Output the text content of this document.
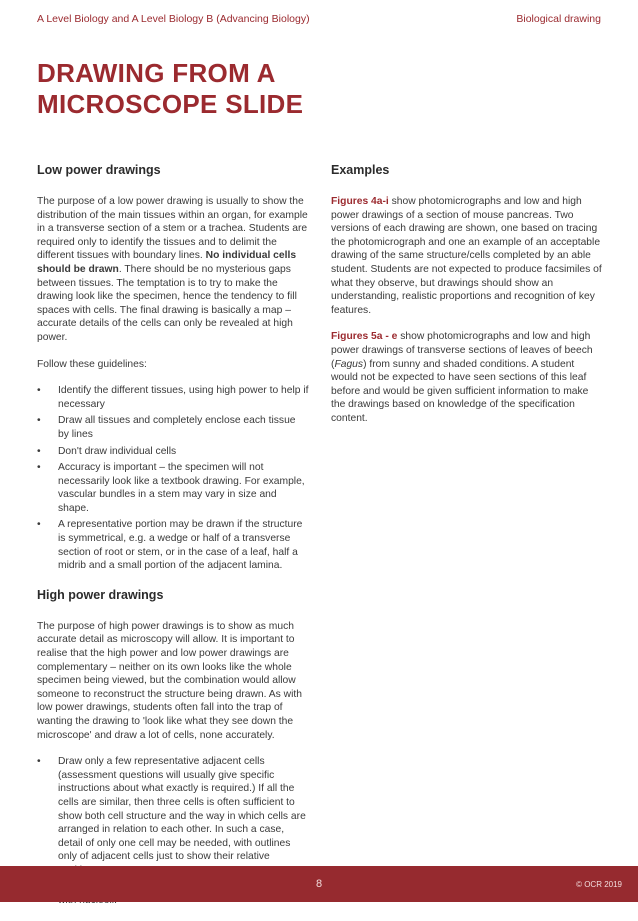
A Level Biology and A Level Biology B (Advancing Biology)	Biological drawing
DRAWING FROM A
MICROSCOPE SLIDE
Low power drawings

The purpose of a low power drawing is usually to show the distribution of the main tissues within an organ, for example in a transverse section of a stem or a trachea. Students are required only to identify the tissues and to delimit the different tissues with boundary lines. No individual cells should be drawn. There should be no mysterious gaps between tissues. The temptation is to try to make the drawing look like the specimen, hence the tendency to fill spaces with cells. The final drawing is basically a map – accurate details of the cells can only be revealed at high power.

Follow these guidelines:

• Identify the different tissues, using high power to help if necessary
• Draw all tissues and completely enclose each tissue by lines
• Don't draw individual cells
• Accuracy is important – the specimen will not necessarily look like a textbook drawing. For example, vascular bundles in a stem may vary in size and shape.
• A representative portion may be drawn if the structure is symmetrical, e.g. a wedge or half of a transverse section of root or stem, or in the case of a leaf, half a midrib and a small portion of the adjacent lamina.
High power drawings

The purpose of high power drawings is to show as much accurate detail as microscopy will allow. It is important to realise that the high power and low power drawings are complementary – neither on its own looks like the whole specimen being viewed, but the combination would allow someone to reconstruct the structure being drawn. As with low power drawings, students often fall into the trap of wanting the drawing to 'look like what they see down the microscope' and draw a lot of cells, none accurately.

• Draw only a few representative adjacent cells (assessment questions will usually give specific instructions about what exactly is required.) If all the cells are similar, then three cells is often sufficient to show both cell structure and the way in which cells are arranged in relation to each other. In such a case, detail of only one cell may be needed, with outlines only of adjacent cells just to show their relative
•
Examples

Figures 4a-i show photomicrographs and low and high power drawings of a section of mouse pancreas. Two versions of each drawing are shown, one based on tracing the photomicrograph and one an example of an acceptable drawing of the same structure/cells completed by an able student. Students are not expected to produce facsimiles of what they observe, but drawings should show an understanding, realistic proportions and recognition of key features.

Figures 5a - e show photomicrographs and low and high power drawings of transverse sections of leaves of beech (Fagus) from sunny and shaded conditions. A student would not be expected to have seen sections of this leaf before and would be given sufficient information to make the drawings based on knowledge of the specification content.

8	© OCR 2019
